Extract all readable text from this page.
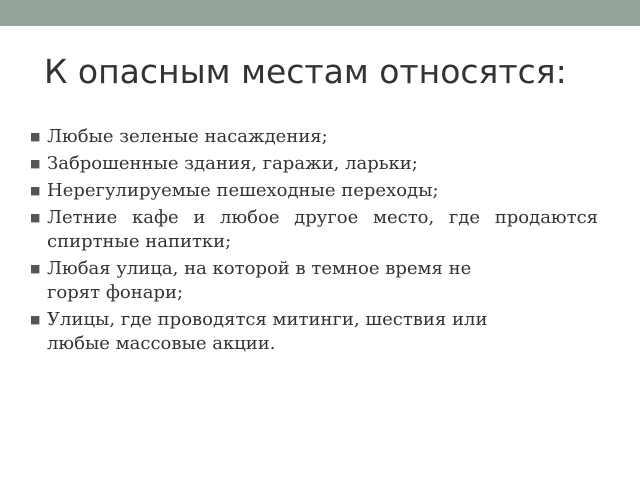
К опасным местам относятся:
■ Любые зеленые насаждения;
■ Заброшенные здания, гаражи, ларьки;
■ Нерегулируемые пешеходные переходы;
■ Летние кафе и любое другое место, где продаются спиртные напитки;
■ Любая улица, на которой в темное время не горят фонари;
■ Улицы, где проводятся митинги, шествия или любые массовые акции.
